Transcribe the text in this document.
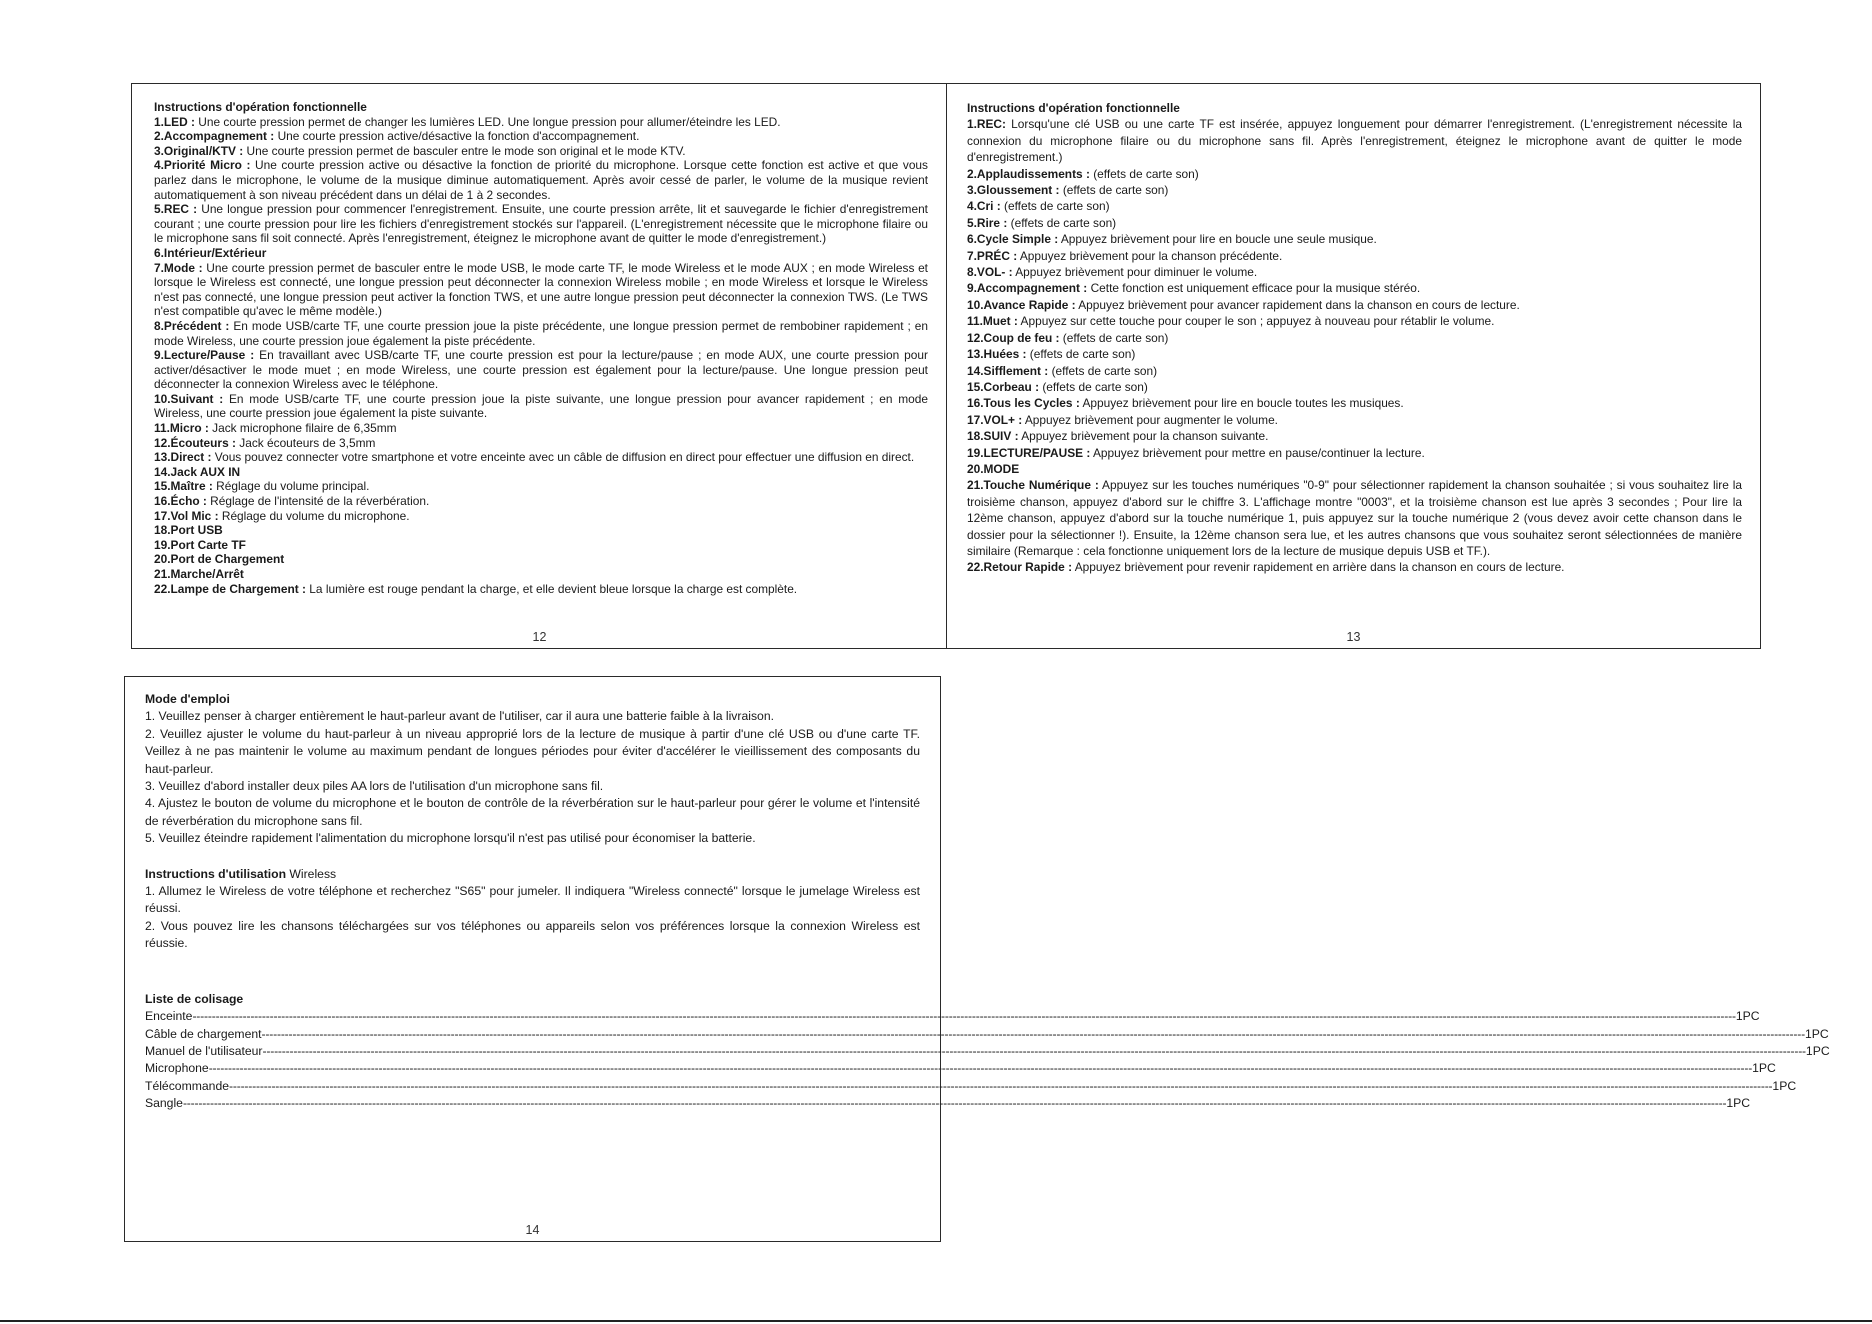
Instructions d'opération fonctionnelle

1.LED : Une courte pression permet de changer les lumières LED. Une longue pression pour allumer/éteindre les LED.

2.Accompagnement : Une courte pression active/désactive la fonction d'accompagnement.

3.Original/KTV : Une courte pression permet de basculer entre le mode son original et le mode KTV.

4.Priorité Micro : Une courte pression active ou désactive la fonction de priorité du microphone. Lorsque cette fonction est active et que vous parlez dans le microphone, le volume de la musique diminue automatiquement. Après avoir cessé de parler, le volume de la musique revient automatiquement à son niveau précédent dans un délai de 1 à 2 secondes.

5.REC : Une longue pression pour commencer l'enregistrement. Ensuite, une courte pression arrête, lit et sauvegarde le fichier d'enregistrement courant ; une courte pression pour lire les fichiers d'enregistrement stockés sur l'appareil. (L'enregistrement nécessite que le microphone filaire ou le microphone sans fil soit connecté. Après l'enregistrement, éteignez le microphone avant de quitter le mode d'enregistrement.)

6.Intérieur/Extérieur

7.Mode : Une courte pression permet de basculer entre le mode USB, le mode carte TF, le mode Wireless et le mode AUX ; en mode Wireless et lorsque le Wireless est connecté, une longue pression peut déconnecter la connexion Wireless mobile ; en mode Wireless et lorsque le Wireless n'est pas connecté, une longue pression peut activer la fonction TWS, et une autre longue pression peut déconnecter la connexion TWS. (Le TWS n'est compatible qu'avec le même modèle.)

8.Précédent : En mode USB/carte TF, une courte pression joue la piste précédente, une longue pression permet de rembobiner rapidement ; en mode Wireless, une courte pression joue également la piste précédente.

9.Lecture/Pause : En travaillant avec USB/carte TF, une courte pression est pour la lecture/pause ; en mode AUX, une courte pression pour activer/désactiver le mode muet ; en mode Wireless, une courte pression est également pour la lecture/pause. Une longue pression peut déconnecter la connexion Wireless avec le téléphone.

10.Suivant : En mode USB/carte TF, une courte pression joue la piste suivante, une longue pression pour avancer rapidement ; en mode Wireless, une courte pression joue également la piste suivante.

11.Micro : Jack microphone filaire de 6,35mm

12.Écouteurs : Jack écouteurs de 3,5mm

13.Direct : Vous pouvez connecter votre smartphone et votre enceinte avec un câble de diffusion en direct pour effectuer une diffusion en direct.

14.Jack AUX IN

15.Maître : Réglage du volume principal.

16.Écho : Réglage de l'intensité de la réverbération.

17.Vol Mic : Réglage du volume du microphone.

18.Port USB

19.Port Carte TF

20.Port de Chargement

21.Marche/Arrêt

22.Lampe de Chargement : La lumière est rouge pendant la charge, et elle devient bleue lorsque la charge est complète.

12

Instructions d'opération fonctionnelle

1.REC: Lorsqu'une clé USB ou une carte TF est insérée, appuyez longuement pour démarrer l'enregistrement. (L'enregistrement nécessite la connexion du microphone filaire ou du microphone sans fil. Après l'enregistrement, éteignez le microphone avant de quitter le mode d'enregistrement.)

2.Applaudissements : (effets de carte son)

3.Gloussement : (effets de carte son)

4.Cri : (effets de carte son)

5.Rire : (effets de carte son)

6.Cycle Simple : Appuyez brièvement pour lire en boucle une seule musique.

7.PRÉC : Appuyez brièvement pour la chanson précédente.

8.VOL- : Appuyez brièvement pour diminuer le volume.

9.Accompagnement : Cette fonction est uniquement efficace pour la musique stéréo.

10.Avance Rapide : Appuyez brièvement pour avancer rapidement dans la chanson en cours de lecture.

11.Muet : Appuyez sur cette touche pour couper le son ; appuyez à nouveau pour rétablir le volume.

12.Coup de feu : (effets de carte son)

13.Huées : (effets de carte son)

14.Sifflement : (effets de carte son)

15.Corbeau : (effets de carte son)

16.Tous les Cycles : Appuyez brièvement pour lire en boucle toutes les musiques.

17.VOL+ : Appuyez brièvement pour augmenter le volume.

18.SUIV : Appuyez brièvement pour la chanson suivante.

19.LECTURE/PAUSE : Appuyez brièvement pour mettre en pause/continuer la lecture.

20.MODE

21.Touche Numérique : Appuyez sur les touches numériques "0-9" pour sélectionner rapidement la chanson souhaitée ; si vous souhaitez lire la troisième chanson, appuyez d'abord sur le chiffre 3. L'affichage montre "0003", et la troisième chanson est lue après 3 secondes ; Pour lire la 12ème chanson, appuyez d'abord sur la touche numérique 1, puis appuyez sur la touche numérique 2 (vous devez avoir cette chanson dans le dossier pour la sélectionner !). Ensuite, la 12ème chanson sera lue, et les autres chansons que vous souhaitez seront sélectionnées de manière similaire (Remarque : cela fonctionne uniquement lors de la lecture de musique depuis USB et TF.).

22.Retour Rapide : Appuyez brièvement pour revenir rapidement en arrière dans la chanson en cours de lecture.

13

Mode d'emploi

1. Veuillez penser à charger entièrement le haut-parleur avant de l'utiliser, car il aura une batterie faible à la livraison.

2. Veuillez ajuster le volume du haut-parleur à un niveau approprié lors de la lecture de musique à partir d'une clé USB ou d'une carte TF. Veillez à ne pas maintenir le volume au maximum pendant de longues périodes pour éviter d'accélérer le vieillissement des composants du haut-parleur.

3. Veuillez d'abord installer deux piles AA lors de l'utilisation d'un microphone sans fil.

4. Ajustez le bouton de volume du microphone et le bouton de contrôle de la réverbération sur le haut-parleur pour gérer le volume et l'intensité de réverbération du microphone sans fil.

5. Veuillez éteindre rapidement l'alimentation du microphone lorsqu'il n'est pas utilisé pour économiser la batterie.

Instructions d'utilisation Wireless

1. Allumez le Wireless de votre téléphone et recherchez "S65" pour jumeler. Il indiquera "Wireless connecté" lorsque le jumelage Wireless est réussi.

2. Vous pouvez lire les chansons téléchargées sur vos téléphones ou appareils selon vos préférences lorsque la connexion Wireless est réussie.

Liste de colisage

Enceinte ---------------------------------------------------------------------------------------------------------------------------------------------------------------------------------------------------------------------------------------------------------------------------------------------------------------------------------------------------------------------------------------------------------------- 1PC
Câble de chargement ---------------------------------------------------------------------------------------------------------------------------------------------------------------------------------------------------------------------------------------------------------------------------------------------------------------------------------------------------------------------------------------------------------------- 1PC
Manuel de l'utilisateur ---------------------------------------------------------------------------------------------------------------------------------------------------------------------------------------------------------------------------------------------------------------------------------------------------------------------------------------------------------------------------------------------------------------- 1PC
Microphone ---------------------------------------------------------------------------------------------------------------------------------------------------------------------------------------------------------------------------------------------------------------------------------------------------------------------------------------------------------------------------------------------------------------- 1PC
Télécommande ---------------------------------------------------------------------------------------------------------------------------------------------------------------------------------------------------------------------------------------------------------------------------------------------------------------------------------------------------------------------------------------------------------------- 1PC
Sangle ---------------------------------------------------------------------------------------------------------------------------------------------------------------------------------------------------------------------------------------------------------------------------------------------------------------------------------------------------------------------------------------------------------------- 1PC
14
